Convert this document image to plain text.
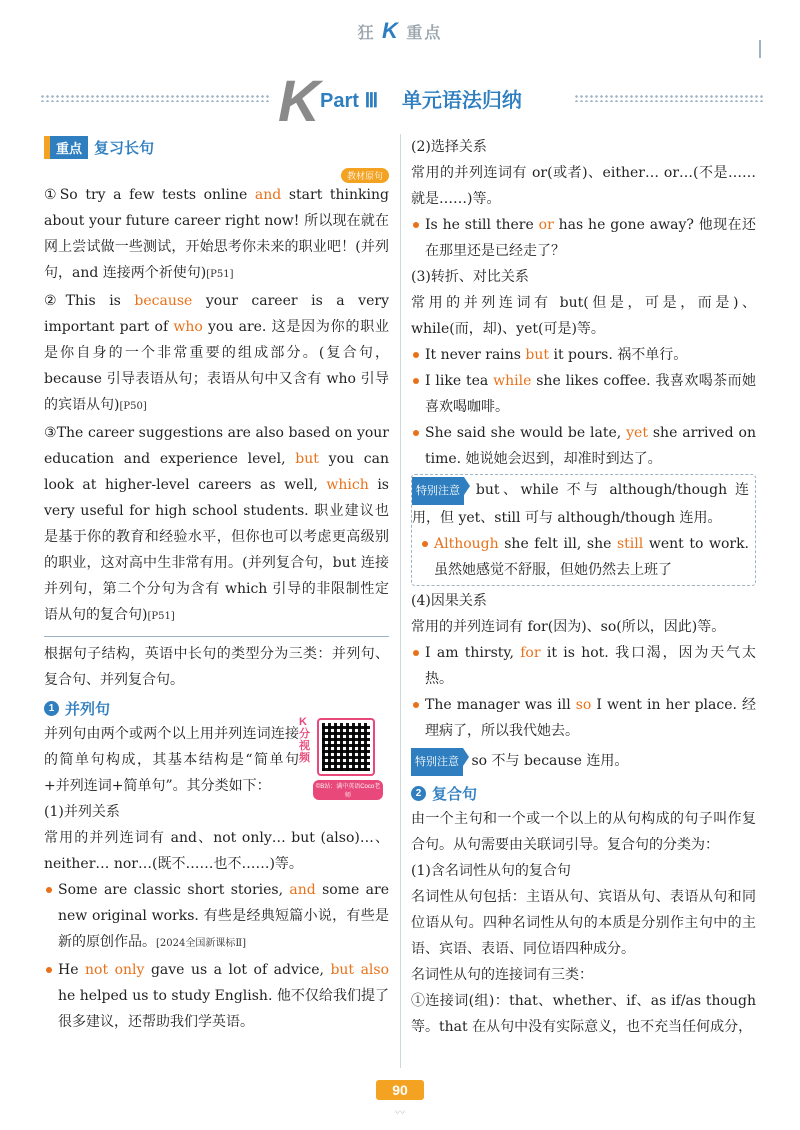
狂 K 重点
K Part Ⅲ 单元语法归纳
重点 复习长句
教材原句
①So try a few tests online and start thinking about your future career right now! 所以现在就在网上尝试做一些测试，开始思考你未来的职业吧！(并列句，and 连接两个祈使句)[P51]
②This is because your career is a very important part of who you are. 这是因为你的职业是你自身的一个非常重要的组成部分。(复合句，because 引导表语从句；表语从句中又含有 who 引导的宾语从句)[P50]
③The career suggestions are also based on your education and experience level, but you can look at higher-level careers as well, which is very useful for high school students. 职业建议也是基于你的教育和经验水平，但你也可以考虑更高级别的职业，这对高中生非常有用。(并列复合句，but 连接并列句，第二个分句为含有 which 引导的非限制性定语从句的复合句)[P51]
根据句子结构，英语中长句的类型分为三类：并列句、复合句、并列复合句。
1 并列句
并列句由两个或两个以上用并列连词连接的简单句构成，其基本结构是“简单句+并列连词+简单句”。其分类如下：
(1)并列关系
常用的并列连词有 and、not only… but (also)…、neither… nor…(既不……也不……)等。
Some are classic short stories, and some are new original works. 有些是经典短篇小说，有些是新的原创作品。[2024全国新课标Ⅱ]
He not only gave us a lot of advice, but also he helped us to study English. 他不仅给我们提了很多建议，还帮助我们学英语。
K分视频
©B站：满中英语Coco老师
(2)选择关系
常用的并列连词有 or(或者)、either… or…(不是……就是……)等。
Is he still there or has he gone away? 他现在还在那里还是已经走了？
(3)转折、对比关系
常用的并列连词有 but(但是，可是，而是)、while(而，却)、yet(可是)等。
It never rains but it pours. 祸不单行。
I like tea while she likes coffee. 我喜欢喝茶而她喜欢喝咖啡。
She said she would be late, yet she arrived on time. 她说她会迟到，却准时到达了。
特别注意 but、while 不与 although/though 连用，但 yet、still 可与 although/though 连用。
Although she felt ill, she still went to work. 虽然她感觉不舒服，但她仍然去上班了
(4)因果关系
常用的并列连词有 for(因为)、so(所以，因此)等。
I am thirsty, for it is hot. 我口渴，因为天气太热。
The manager was ill so I went in her place. 经理病了，所以我代她去。
特别注意 so 不与 because 连用。
2 复合句
由一个主句和一个或一个以上的从句构成的句子叫作复合句。从句需要由关联词引导。复合句的分类为：
(1)含名词性从句的复合句
名词性从句包括：主语从句、宾语从句、表语从句和同位语从句。四种名词性从句的本质是分别作主句中的主语、宾语、表语、同位语四种成分。
名词性从句的连接词有三类：
①连接词(组)：that、whether、if、as if/as though 等。that 在从句中没有实际意义，也不充当任何成分，
90
〰
